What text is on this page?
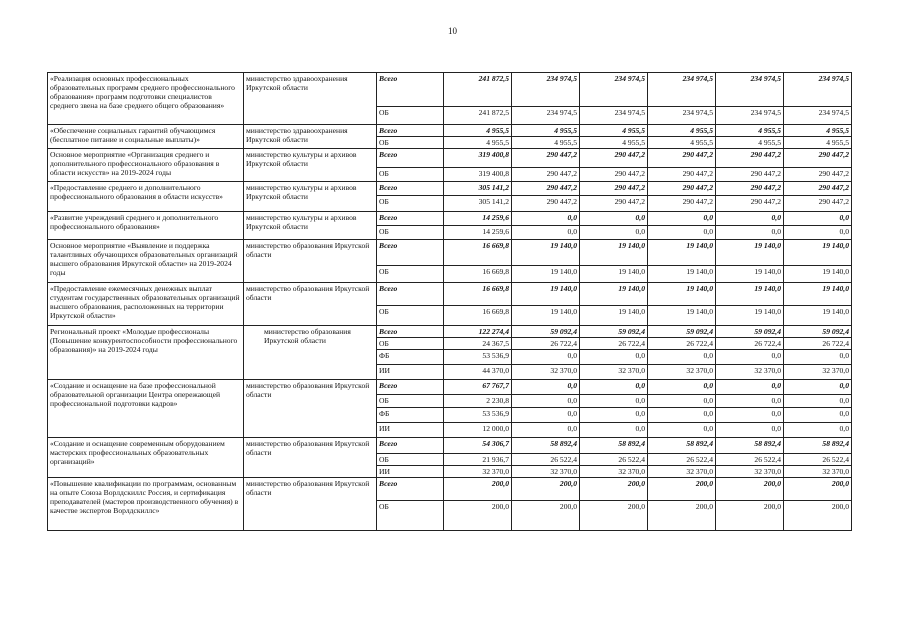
10
«Реализация основных профессиональных образовательных программ среднего профессионального образования» программ подготовки специалистов среднего звена на базе среднего общего образования»	министерство здравоохранения Иркутской области	Всего	241 872,5	234 974,5	234 974,5	234 974,5	234 974,5	234 974,5
		ОБ	241 872,5	234 974,5	234 974,5	234 974,5	234 974,5	234 974,5
«Обеспечение социальных гарантий обучающимся (бесплатное питание и социальные выплаты)»	министерство здравоохранения Иркутской области	Всего	4 955,5	4 955,5	4 955,5	4 955,5	4 955,5	4 955,5
		ОБ	4 955,5	4 955,5	4 955,5	4 955,5	4 955,5	4 955,5
Основное мероприятие «Организация среднего и дополнительного профессионального образования в области искусств» на 2019-2024 годы	министерство культуры и архивов Иркутской области	Всего	319 400,8	290 447,2	290 447,2	290 447,2	290 447,2	290 447,2
		ОБ	319 400,8	290 447,2	290 447,2	290 447,2	290 447,2	290 447,2
«Предоставление среднего и дополнительного профессионального образования в области искусств»	министерство культуры и архивов Иркутской области	Всего	305 141,2	290 447,2	290 447,2	290 447,2	290 447,2	290 447,2
		ОБ	305 141,2	290 447,2	290 447,2	290 447,2	290 447,2	290 447,2
«Развитие учреждений среднего и дополнительного профессионального образования»	министерство культуры и архивов Иркутской области	Всего	14 259,6	0,0	0,0	0,0	0,0	0,0
		ОБ	14 259,6	0,0	0,0	0,0	0,0	0,0
Основное мероприятие «Выявление и поддержка талантливых обучающихся образовательных организаций высшего образования Иркутской области» на 2019-2024 годы	министерство образования Иркутской области	Всего	16 669,8	19 140,0	19 140,0	19 140,0	19 140,0	19 140,0
		ОБ	16 669,8	19 140,0	19 140,0	19 140,0	19 140,0	19 140,0
«Предоставление ежемесячных денежных выплат студентам государственных образовательных организаций высшего образования, расположенных на территории Иркутской области»	министерство образования Иркутской области	Всего	16 669,8	19 140,0	19 140,0	19 140,0	19 140,0	19 140,0
		ОБ	16 669,8	19 140,0	19 140,0	19 140,0	19 140,0	19 140,0
Региональный проект «Молодые профессионалы (Повышение конкурентоспособности профессионального образования)» на 2019-2024 годы	министерство образования Иркутской области	Всего	122 274,4	59 092,4	59 092,4	59 092,4	59 092,4	59 092,4
		ОБ	24 367,5	26 722,4	26 722,4	26 722,4	26 722,4	26 722,4
		ФБ	53 536,9	0,0	0,0	0,0	0,0	0,0
		ИИ	44 370,0	32 370,0	32 370,0	32 370,0	32 370,0	32 370,0
«Создание и оснащение на базе профессиональной образовательной организации Центра опережающей профессиональной подготовки кадров»	министерство образования Иркутской области	Всего	67 767,7	0,0	0,0	0,0	0,0	0,0
		ОБ	2 230,8	0,0	0,0	0,0	0,0	0,0
		ФБ	53 536,9	0,0	0,0	0,0	0,0	0,0
		ИИ	12 000,0	0,0	0,0	0,0	0,0	0,0
«Создание и оснащение современным оборудованием мастерских профессиональных образовательных организаций»	министерство образования Иркутской области	Всего	54 306,7	58 892,4	58 892,4	58 892,4	58 892,4	58 892,4
		ОБ	21 936,7	26 522,4	26 522,4	26 522,4	26 522,4	26 522,4
		ИИ	32 370,0	32 370,0	32 370,0	32 370,0	32 370,0	32 370,0
«Повышение квалификации по программам, основанным на опыте Союза Ворлдскиллс Россия, и сертификация преподавателей (мастеров производственного обучения) в качестве экспертов Ворлдскиллс»	министерство образования Иркутской области	Всего	200,0	200,0	200,0	200,0	200,0	200,0
		ОБ	200,0	200,0	200,0	200,0	200,0	200,0
